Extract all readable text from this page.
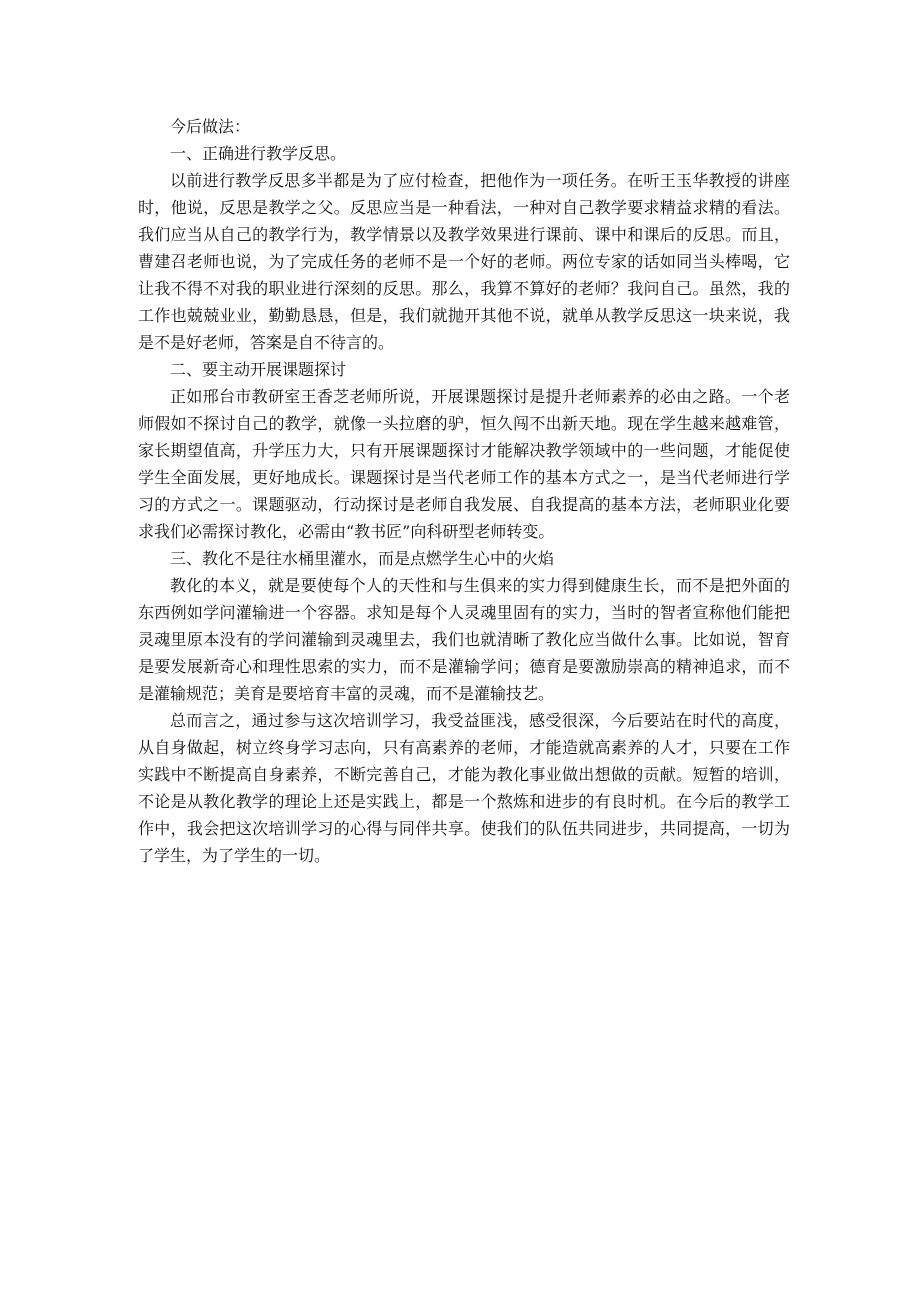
今后做法：

一、正确进行教学反思。

以前进行教学反思多半都是为了应付检查，把他作为一项任务。在听王玉华教授的讲座时，他说，反思是教学之父。反思应当是一种看法，一种对自己教学要求精益求精的看法。我们应当从自己的教学行为，教学情景以及教学效果进行课前、课中和课后的反思。而且，曹建召老师也说，为了完成任务的老师不是一个好的老师。两位专家的话如同当头棒喝，它让我不得不对我的职业进行深刻的反思。那么，我算不算好的老师？我问自己。虽然，我的工作也兢兢业业，勤勤恳恳，但是，我们就抛开其他不说，就单从教学反思这一块来说，我是不是好老师，答案是自不待言的。

二、要主动开展课题探讨

正如邢台市教研室王香芝老师所说，开展课题探讨是提升老师素养的必由之路。一个老师假如不探讨自己的教学，就像一头拉磨的驴，恒久闯不出新天地。现在学生越来越难管，家长期望值高，升学压力大，只有开展课题探讨才能解决教学领域中的一些问题，才能促使学生全面发展，更好地成长。课题探讨是当代老师工作的基本方式之一，是当代老师进行学习的方式之一。课题驱动，行动探讨是老师自我发展、自我提高的基本方法，老师职业化要求我们必需探讨教化，必需由“教书匠”向科研型老师转变。

三、教化不是往水桶里灌水，而是点燃学生心中的火焰

教化的本义，就是要使每个人的天性和与生俱来的实力得到健康生长，而不是把外面的东西例如学问灌输进一个容器。求知是每个人灵魂里固有的实力，当时的智者宣称他们能把灵魂里原本没有的学问灌输到灵魂里去，我们也就清晰了教化应当做什么事。比如说，智育是要发展新奇心和理性思索的实力，而不是灌输学问；德育是要激励崇高的精神追求，而不是灌输规范；美育是要培育丰富的灵魂，而不是灌输技艺。

总而言之，通过参与这次培训学习，我受益匪浅，感受很深，今后要站在时代的高度，从自身做起，树立终身学习志向，只有高素养的老师，才能造就高素养的人才，只要在工作实践中不断提高自身素养，不断完善自己，才能为教化事业做出想做的贡献。短暂的培训，不论是从教化教学的理论上还是实践上，都是一个熬炼和进步的有良时机。在今后的教学工作中，我会把这次培训学习的心得与同伴共享。使我们的队伍共同进步，共同提高，一切为了学生，为了学生的一切。
